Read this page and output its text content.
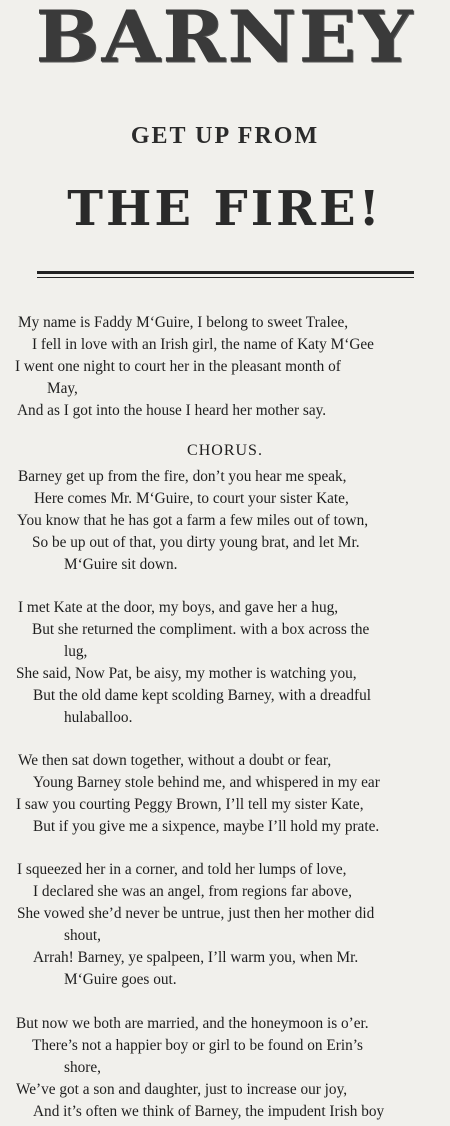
BARNEY
GET UP FROM
THE FIRE!
My name is Faddy M‘Guire, I belong to sweet Tralee,
I fell in love with an Irish girl, the name of Katy M‘Gee
I went one night to court her in the pleasant month of
May,
And as I got into the house I heard her mother say.
CHORUS.
Barney get up from the fire, don’t you hear me speak,
Here comes Mr. M‘Guire, to court your sister Kate,
You know that he has got a farm a few miles out of town,
So be up out of that, you dirty young brat, and let Mr.
M‘Guire sit down.
I met Kate at the door, my boys, and gave her a hug,
But she returned the compliment. with a box across the
lug,
She said, Now Pat, be aisy, my mother is watching you,
But the old dame kept scolding Barney, with a dreadful
hulaballoo.
We then sat down together, without a doubt or fear,
Young Barney stole behind me, and whispered in my ear
I saw you courting Peggy Brown, I’ll tell my sister Kate,
But if you give me a sixpence, maybe I’ll hold my prate.
I squeezed her in a corner, and told her lumps of love,
I declared she was an angel, from regions far above,
She vowed she’d never be untrue, just then her mother did
shout,
Arrah! Barney, ye spalpeen, I’ll warm you, when Mr.
M‘Guire goes out.
But now we both are married, and the honeymoon is o’er.
There’s not a happier boy or girl to be found on Erin’s
shore,
We’ve got a son and daughter, just to increase our joy,
And it’s often we think of Barney, the impudent Irish boy
